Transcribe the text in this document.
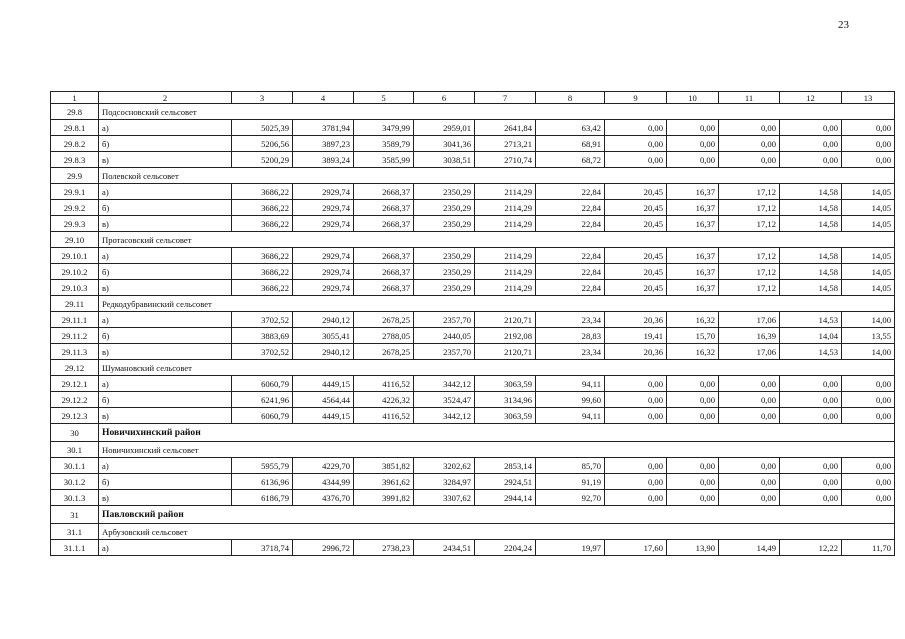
23
1	2	3	4	5	6	7	8	9	10	11	12	13
29.8	Подсосновский сельсовет											
29.8.1	а)	5025,39	3781,94	3479,99	2959,01	2641,84	63,42	0,00	0,00	0,00	0,00	0,00
29.8.2	б)	5206,56	3897,23	3589,79	3041,36	2713,21	68,91	0,00	0,00	0,00	0,00	0,00
29.8.3	в)	5200,29	3893,24	3585,99	3038,51	2710,74	68,72	0,00	0,00	0,00	0,00	0,00
29.9	Полевской сельсовет											
29.9.1	а)	3686,22	2929,74	2668,37	2350,29	2114,29	22,84	20,45	16,37	17,12	14,58	14,05
29.9.2	б)	3686,22	2929,74	2668,37	2350,29	2114,29	22,84	20,45	16,37	17,12	14,58	14,05
29.9.3	в)	3686,22	2929,74	2668,37	2350,29	2114,29	22,84	20,45	16,37	17,12	14,58	14,05
29.10	Протасовский сельсовет											
29.10.1	а)	3686,22	2929,74	2668,37	2350,29	2114,29	22,84	20,45	16,37	17,12	14,58	14,05
29.10.2	б)	3686,22	2929,74	2668,37	2350,29	2114,29	22,84	20,45	16,37	17,12	14,58	14,05
29.10.3	в)	3686,22	2929,74	2668,37	2350,29	2114,29	22,84	20,45	16,37	17,12	14,58	14,05
29.11	Редкодубравинский сельсовет											
29.11.1	а)	3702,52	2940,12	2678,25	2357,70	2120,71	23,34	20,36	16,32	17,06	14,53	14,00
29.11.2	б)	3883,69	3055,41	2788,05	2440,05	2192,08	28,83	19,41	15,70	16,39	14,04	13,55
29.11.3	в)	3702,52	2940,12	2678,25	2357,70	2120,71	23,34	20,36	16,32	17,06	14,53	14,00
29.12	Шумановский сельсовет											
29.12.1	а)	6060,79	4449,15	4116,52	3442,12	3063,59	94,11	0,00	0,00	0,00	0,00	0,00
29.12.2	б)	6241,96	4564,44	4226,32	3524,47	3134,96	99,60	0,00	0,00	0,00	0,00	0,00
29.12.3	в)	6060,79	4449,15	4116,52	3442,12	3063,59	94,11	0,00	0,00	0,00	0,00	0,00
30	Новичихинский район											
30.1	Новичихинский сельсовет											
30.1.1	а)	5955,79	4229,70	3851,82	3202,62	2853,14	85,70	0,00	0,00	0,00	0,00	0,00
30.1.2	б)	6136,96	4344,99	3961,62	3284,97	2924,51	91,19	0,00	0,00	0,00	0,00	0,00
30.1.3	в)	6186,79	4376,70	3991,82	3307,62	2944,14	92,70	0,00	0,00	0,00	0,00	0,00
31	Павловский район											
31.1	Арбузовский сельсовет											
31.1.1	а)	3718,74	2996,72	2738,23	2434,51	2204,24	19,97	17,60	13,90	14,49	12,22	11,70
